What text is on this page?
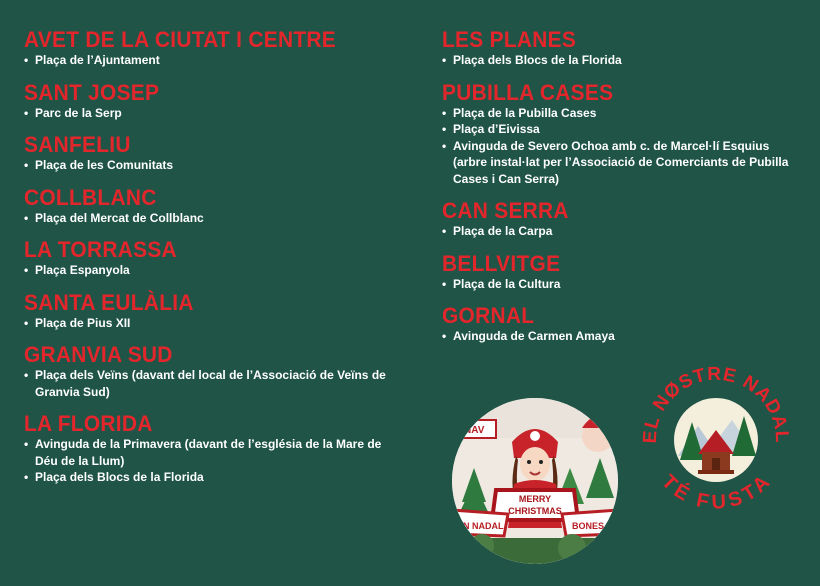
AVET DE LA CIUTAT I CENTRE
• Plaça de l’Ajuntament
SANT JOSEP
• Parc de la Serp
SANFELIU
• Plaça de les Comunitats
COLLBLANC
• Plaça del Mercat de Collblanc
LA TORRASSA
• Plaça Espanyola
SANTA EULÀLIA
• Plaça de Pius XII
GRANVIA SUD
• Plaça dels Veïns (davant del local de l’Associació de Veïns de Granvia Sud)
LA FLORIDA
• Avinguda de la Primavera (davant de l’església de la Mare de Déu de la Llum)
• Plaça dels Blocs de la Florida
LES PLANES
• Plaça dels Blocs de la Florida
PUBILLA CASES
• Plaça de la Pubilla Cases
• Plaça d’Eivissa
• Avinguda de Severo Ochoa amb c. de Marcel·lí Esquius (arbre instal·lat per l’Associació de Comerciants de Pubilla Cases i Can Serra)
CAN SERRA
• Plaça de la Carpa
BELLVITGE
• Plaça de la Cultura
GORNAL
• Avinguda de Carmen Amaya
NAV
MERRY
CHRISTMAS
ØN NADAL	BONES
EL NØSTRE NADAL
TÉ FUSTA
